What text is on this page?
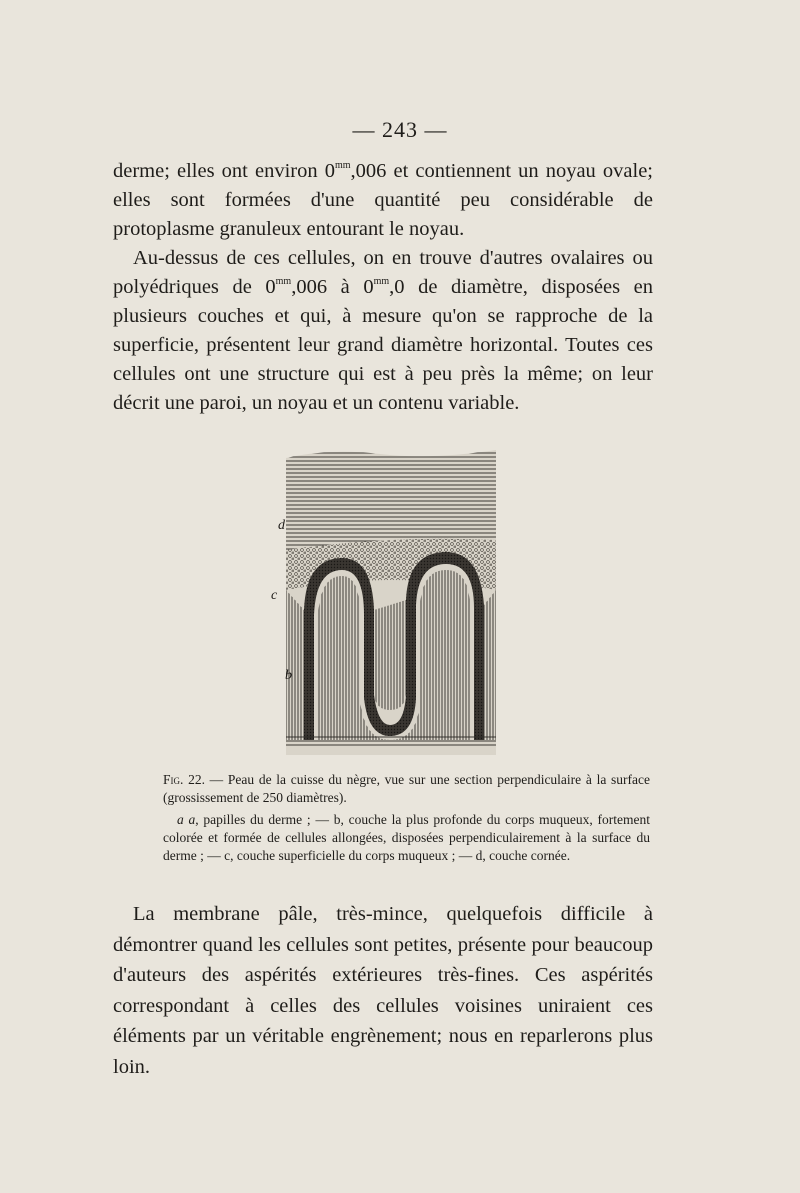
— 243 —

derme; elles ont environ $0^{mm},006$ et contiennent un noyau ovale; elles sont formées d'une quantité peu considérable de protoplasme granuleux entourant le noyau.

Au-dessus de ces cellules, on en trouve d'autres ovalaires ou polyédriques de $0^{mm},006$ à $0^{mm},0$ de diamètre, disposées en plusieurs couches et qui, à mesure qu'on se rapproche de la superficie, présentent leur grand diamètre horizontal. Toutes ces cellules ont une structure qui est à peu près la même; on leur décrit une paroi, un noyau et un contenu variable.

d
c
b

Fig. 22. — Peau de la cuisse du nègre, vue sur une section perpendiculaire à la surface (grossissement de 250 diamètres).

a a, papilles du derme ; — b, couche la plus profonde du corps muqueux, fortement colorée et formée de cellules allongées, disposées perpendiculairement à la surface du derme ; — c, couche superficielle du corps muqueux ; — d, couche cornée.

La membrane pâle, très-mince, quelquefois difficile à démontrer quand les cellules sont petites, présente pour beaucoup d'auteurs des aspérités extérieures très-fines. Ces aspérités correspondant à celles des cellules voisines uniraient ces éléments par un véritable engrènement; nous en reparlerons plus loin.
